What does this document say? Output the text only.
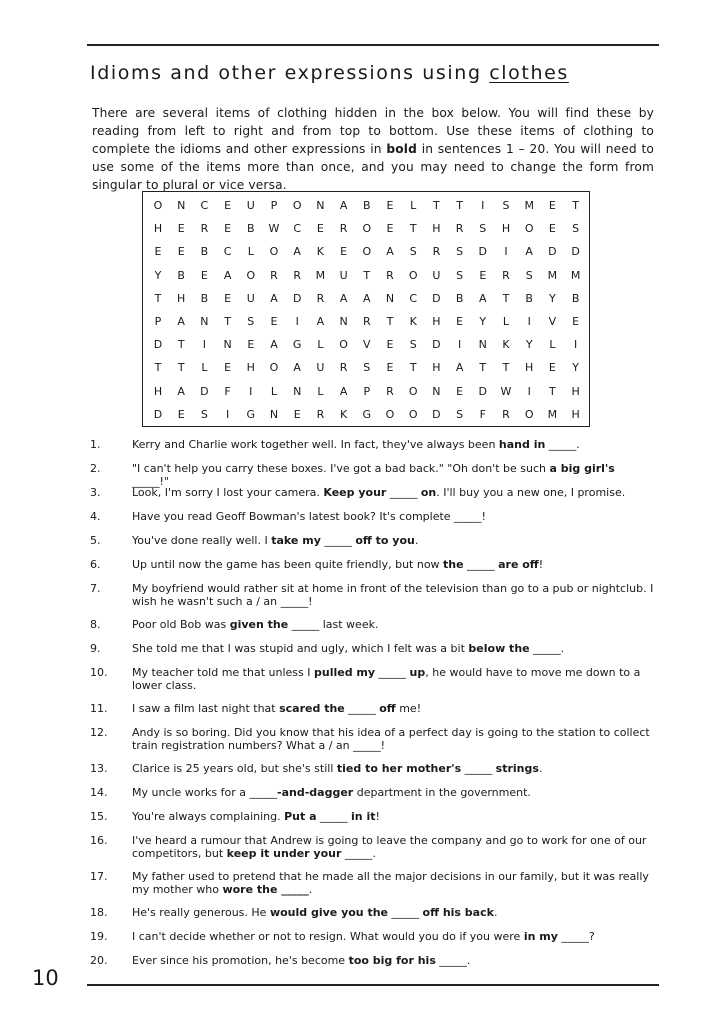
Idioms and other expressions using clothes

There are several items of clothing hidden in the box below. You will find these by reading from left to right and from top to bottom. Use these items of clothing to complete the idioms and other expressions in bold in sentences 1 – 20. You will need to use some of the items more than once, and you may need to change the form from singular to plural or vice versa.

O	N	C	E	U	P	O	N	A	B	E	L	T	T	I	S	M	E	T
H	E	R	E	B	W	C	E	R	O	E	T	H	R	S	H	O	E	S
E	E	B	C	L	O	A	K	E	O	A	S	R	S	D	I	A	D	D
Y	B	E	A	O	R	R	M	U	T	R	O	U	S	E	R	S	M	M
T	H	B	E	U	A	D	R	A	A	N	C	D	B	A	T	B	Y	B
P	A	N	T	S	E	I	A	N	R	T	K	H	E	Y	L	I	V	E
D	T	I	N	E	A	G	L	O	V	E	S	D	I	N	K	Y	L	I
T	T	L	E	H	O	A	U	R	S	E	T	H	A	T	T	H	E	Y
H	A	D	F	I	L	N	L	A	P	R	O	N	E	D	W	I	T	H
D	E	S	I	G	N	E	R	K	G	O	O	D	S	F	R	O	M	H
1.	Kerry and Charlie work together well. In fact, they've always been hand in _____.
2.	"I can't help you carry these boxes. I've got a bad back." "Oh don't be such a big girl's _____!"
3.	Look, I'm sorry I lost your camera. Keep your _____ on. I'll buy you a new one, I promise.
4.	Have you read Geoff Bowman's latest book? It's complete _____!
5.	You've done really well. I take my _____ off to you.
6.	Up until now the game has been quite friendly, but now the _____ are off!
7.	My boyfriend would rather sit at home in front of the television than go to a pub or nightclub. I wish he wasn't such a / an _____!
8.	Poor old Bob was given the _____ last week.
9.	She told me that I was stupid and ugly, which I felt was a bit below the _____.
10. My teacher told me that unless I pulled my _____ up, he would have to move me down to a lower class.
11. I saw a film last night that scared the _____ off me!
12. Andy is so boring. Did you know that his idea of a perfect day is going to the station to collect train registration numbers? What a / an _____!
13. Clarice is 25 years old, but she's still tied to her mother's _____ strings.
14. My uncle works for a _____-and-dagger department in the government.
15. You're always complaining. Put a _____ in it!
16. I've heard a rumour that Andrew is going to leave the company and go to work for one of our competitors, but keep it under your _____.
17. My father used to pretend that he made all the major decisions in our family, but it was really my mother who wore the _____.
18. He's really generous. He would give you the _____ off his back.
19. I can't decide whether or not to resign. What would you do if you were in my _____?
20. Ever since his promotion, he's become too big for his _____.
10
